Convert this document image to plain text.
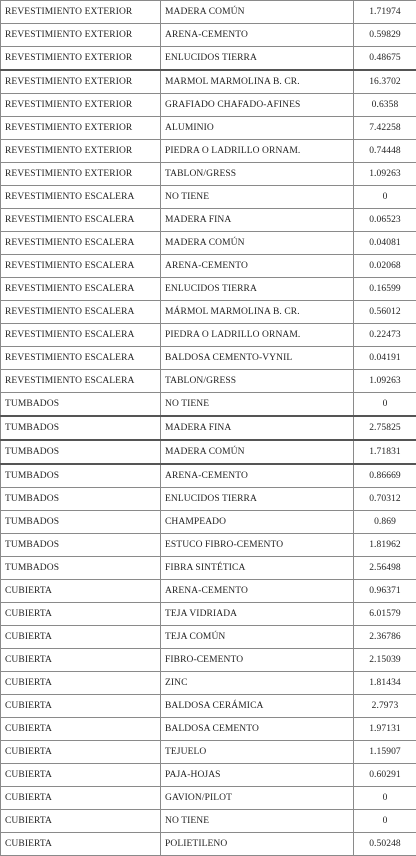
REVESTIMIENTO EXTERIOR	MADERA COMÚN	1.71974
REVESTIMIENTO EXTERIOR	ARENA-CEMENTO	0.59829
REVESTIMIENTO EXTERIOR	ENLUCIDOS TIERRA	0.48675
REVESTIMIENTO EXTERIOR	MARMOL MARMOLINA B. CR.	16.3702
REVESTIMIENTO EXTERIOR	GRAFIADO CHAFADO-AFINES	0.6358
REVESTIMIENTO EXTERIOR	ALUMINIO	7.42258
REVESTIMIENTO EXTERIOR	PIEDRA O LADRILLO ORNAM.	0.74448
REVESTIMIENTO EXTERIOR	TABLON/GRESS	1.09263
REVESTIMIENTO ESCALERA	NO TIENE	0
REVESTIMIENTO ESCALERA	MADERA FINA	0.06523
REVESTIMIENTO ESCALERA	MADERA COMÚN	0.04081
REVESTIMIENTO ESCALERA	ARENA-CEMENTO	0.02068
REVESTIMIENTO ESCALERA	ENLUCIDOS TIERRA	0.16599
REVESTIMIENTO ESCALERA	MÁRMOL MARMOLINA B. CR.	0.56012
REVESTIMIENTO ESCALERA	PIEDRA O LADRILLO ORNAM.	0.22473
REVESTIMIENTO ESCALERA	BALDOSA CEMENTO-VYNIL	0.04191
REVESTIMIENTO ESCALERA	TABLON/GRESS	1.09263
TUMBADOS	NO TIENE	0
TUMBADOS	MADERA FINA	2.75825
TUMBADOS	MADERA COMÚN	1.71831
TUMBADOS	ARENA-CEMENTO	0.86669
TUMBADOS	ENLUCIDOS TIERRA	0.70312
TUMBADOS	CHAMPEADO	0.869
TUMBADOS	ESTUCO FIBRO-CEMENTO	1.81962
TUMBADOS	FIBRA SINTÉTICA	2.56498
CUBIERTA	ARENA-CEMENTO	0.96371
CUBIERTA	TEJA VIDRIADA	6.01579
CUBIERTA	TEJA COMÚN	2.36786
CUBIERTA	FIBRO-CEMENTO	2.15039
CUBIERTA	ZINC	1.81434
CUBIERTA	BALDOSA CERÁMICA	2.7973
CUBIERTA	BALDOSA CEMENTO	1.97131
CUBIERTA	TEJUELO	1.15907
CUBIERTA	PAJA-HOJAS	0.60291
CUBIERTA	GAVION/PILOT	0
CUBIERTA	NO TIENE	0
CUBIERTA	POLIETILENO	0.50248
